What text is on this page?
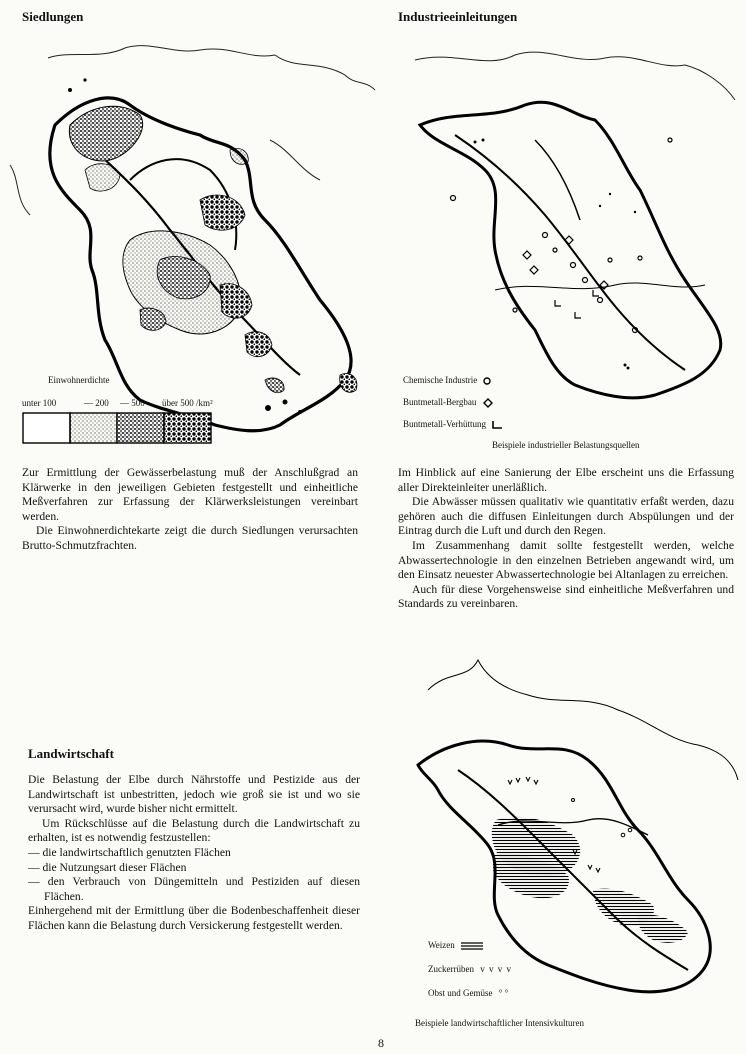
Siedlungen
Einwohnerdichte
unter 100	— 200 — 500 über 500 /km²

Zur Ermittlung der Gewässerbelastung muß der Anschlußgrad an Klärwerke in den jeweiligen Gebieten festgestellt und einheitliche Meßverfahren zur Erfassung der Klärwerksleistungen vereinbart werden.

Die Einwohnerdichtekarte zeigt die durch Siedlungen verursachten Brutto-Schmutzfrachten.

Industrieeinleitungen
Chemische Industrie
Buntmetall-Bergbau
Buntmetall-Verhüttung
Beispiele industrieller Belastungsquellen

Im Hinblick auf eine Sanierung der Elbe erscheint uns die Erfassung aller Direkteinleiter unerläßlich.

Die Abwässer müssen qualitativ wie quantitativ erfaßt werden, dazu gehören auch die diffusen Einleitungen durch Abspülungen und der Eintrag durch die Luft und durch den Regen.

Im Zusammenhang damit sollte festgestellt werden, welche Abwassertechnologie in den einzelnen Betrieben angewandt wird, um den Einsatz neuester Abwassertechnologie bei Altanlagen zu erreichen.

Auch für diese Vorgehensweise sind einheitliche Meßverfahren und Standards zu vereinbaren.

Landwirtschaft

Die Belastung der Elbe durch Nährstoffe und Pestizide aus der Landwirtschaft ist unbestritten, jedoch wie groß sie ist und wo sie verursacht wird, wurde bisher nicht ermittelt.

Um Rückschlüsse auf die Belastung durch die Landwirtschaft zu erhalten, ist es notwendig festzustellen:

— die landwirtschaftlich genutzten Flächen
— die Nutzungsart dieser Flächen
— den Verbrauch von Düngemitteln und Pestiziden auf diesen Flächen.

Einhergehend mit der Ermittlung über die Bodenbeschaffenheit dieser Flächen kann die Belastung durch Versickerung festgestellt werden.

Weizen
Zuckerrüben v v v v
Obst und Gemüse ° °
Beispiele landwirtschaftlicher Intensivkulturen
8
